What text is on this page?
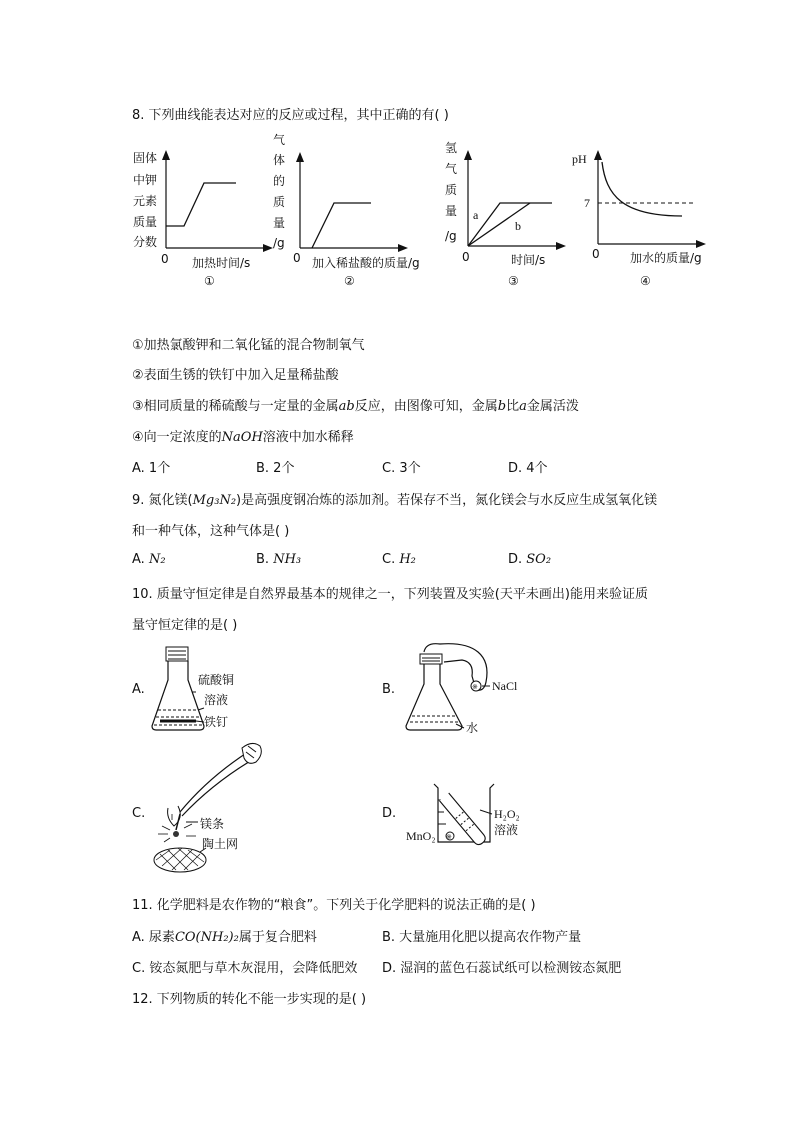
8. 下列曲线能表达对应的反应或过程，其中正确的有( )
固体
中钾
元素
质量
分数
0 加热时间/s
①
气
体
的
质
量
/g
0 加入稀盐酸的质量/g
②
氢
气
质
量
/g
a
b
0	时间/s
③
pH
7
0	加水的质量/g
④
①加热氯酸钾和二氧化锰的混合物制氧气
②表面生锈的铁钉中加入足量稀盐酸
③相同质量的稀硫酸与一定量的金属ab反应，由图像可知，金属b比a金属活泼
④向一定浓度的NaOH溶液中加水稀释
A. 1个	B. 2个	C. 3个	D. 4个
9. 氮化镁(Mg₃N₂)是高强度钢冶炼的添加剂。若保存不当，氮化镁会与水反应生成氢氧化镁
和一种气体，这种气体是( )
A. N₂	B. NH₃	C. H₂	D. SO₂
10. 质量守恒定律是自然界最基本的规律之一，下列装置及实验(天平未画出)能用来验证质
量守恒定律的是( )
A.
硫酸铜
溶液
铁钉
B.	※ NaCl
水
C.
镁条
陶土网
D.
※
H₂O₂
溶液
MnO₂
11. 化学肥料是农作物的“粮食”。下列关于化学肥料的说法正确的是( )
A. 尿素CO(NH₂)₂属于复合肥料	B. 大量施用化肥以提高农作物产量
C. 铵态氮肥与草木灰混用，会降低肥效 D. 湿润的蓝色石蕊试纸可以检测铵态氮肥
12. 下列物质的转化不能一步实现的是( )
